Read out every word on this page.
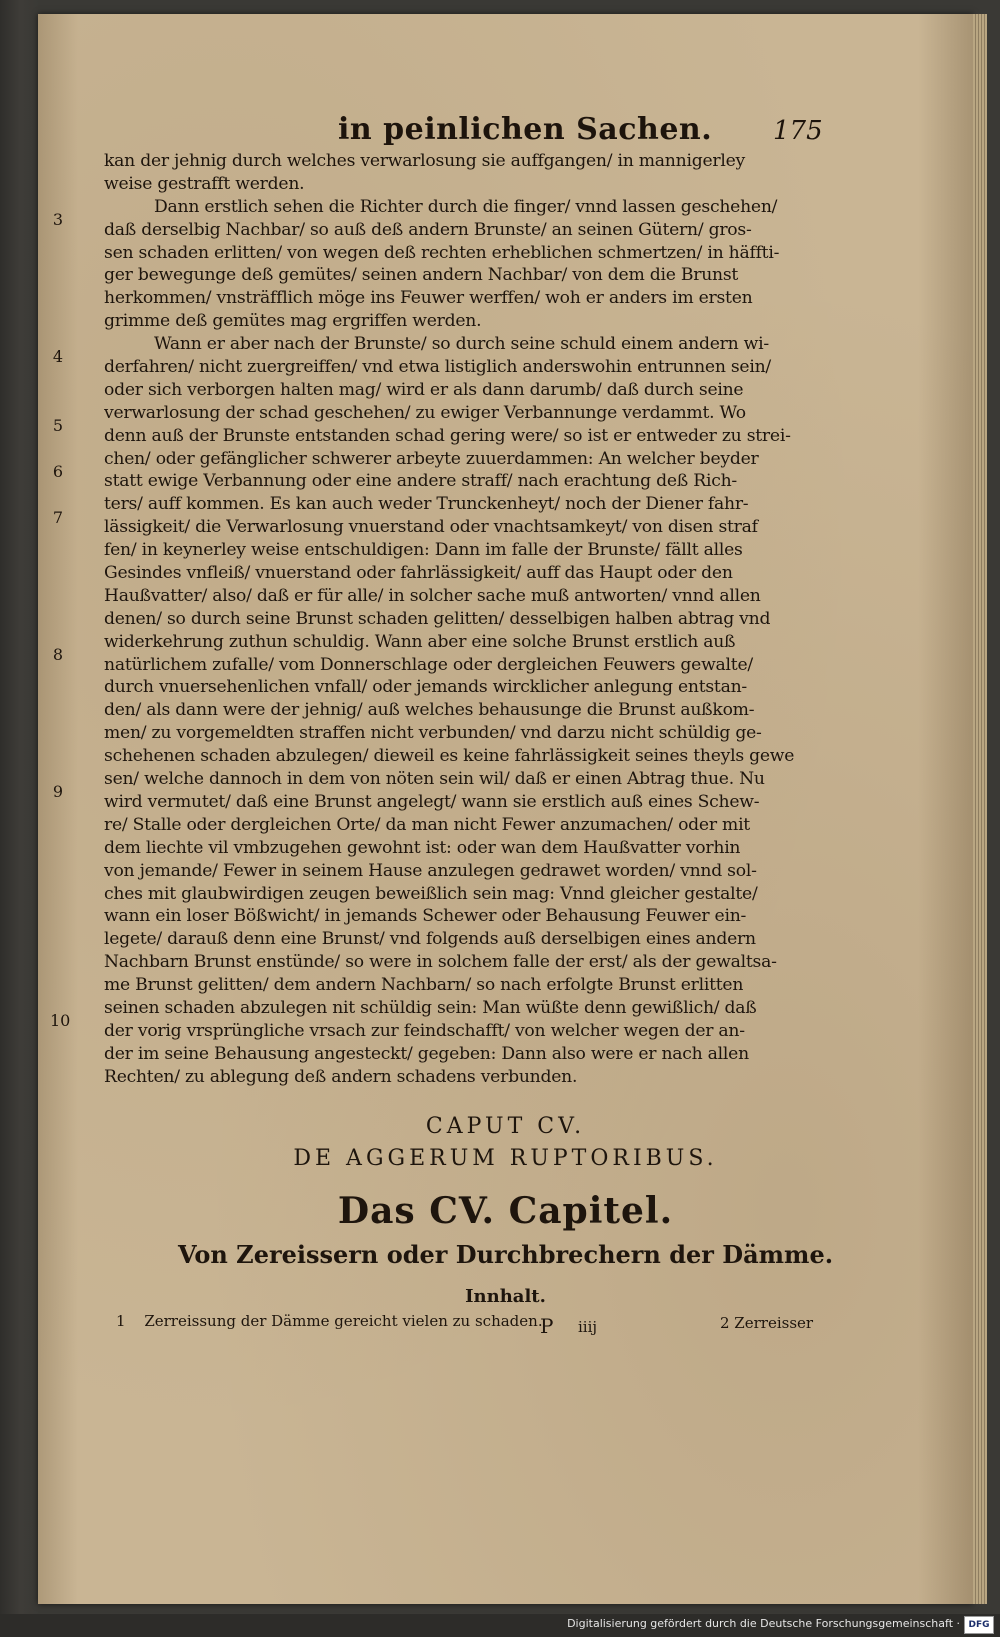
in peinlichen Sachen. 175
kan der jehnig durch welches verwarlosung sie auffgangen/ in mannigerley
weise gestrafft werden.
Dann erstlich sehen die Richter durch die finger/ vnnd lassen geschehen/
daß derselbig Nachbar/ so auß deß andern Brunste/ an seinen Gütern/ gros-
sen schaden erlitten/ von wegen deß rechten erheblichen schmertzen/ in häffti-
ger bewegunge deß gemütes/ seinen andern Nachbar/ von dem die Brunst
herkommen/ vnsträfflich möge ins Feuwer werffen/ woh er anders im ersten
grimme deß gemütes mag ergriffen werden.
Wann er aber nach der Brunste/ so durch seine schuld einem andern wi-
derfahren/ nicht zuergreiffen/ vnd etwa listiglich anderswohin entrunnen sein/
oder sich verborgen halten mag/ wird er als dann darumb/ daß durch seine
verwarlosung der schad geschehen/ zu ewiger Verbannunge verdammt. Wo
denn auß der Brunste entstanden schad gering were/ so ist er entweder zu strei-
chen/ oder gefänglicher schwerer arbeyte zuuerdammen: An welcher beyder
statt ewige Verbannung oder eine andere straff/ nach erachtung deß Rich-
ters/ auff kommen. Es kan auch weder Trunckenheyt/ noch der Diener fahr-
lässigkeit/ die Verwarlosung vnuerstand oder vnachtsamkeyt/ von disen straf
fen/ in keynerley weise entschuldigen: Dann im falle der Brunste/ fällt alles
Gesindes vnfleiß/ vnuerstand oder fahrlässigkeit/ auff das Haupt oder den
Haußvatter/ also/ daß er für alle/ in solcher sache muß antworten/ vnnd allen
denen/ so durch seine Brunst schaden gelitten/ desselbigen halben abtrag vnd
widerkehrung zuthun schuldig. Wann aber eine solche Brunst erstlich auß
natürlichem zufalle/ vom Donnerschlage oder dergleichen Feuwers gewalte/
durch vnuersehenlichen vnfall/ oder jemands wircklicher anlegung entstan-
den/ als dann were der jehnig/ auß welches behausunge die Brunst außkom-
men/ zu vorgemeldten straffen nicht verbunden/ vnd darzu nicht schüldig ge-
schehenen schaden abzulegen/ dieweil es keine fahrlässigkeit seines theyls gewe
sen/ welche dannoch in dem von nöten sein wil/ daß er einen Abtrag thue. Nu
wird vermutet/ daß eine Brunst angelegt/ wann sie erstlich auß eines Schew-
re/ Stalle oder dergleichen Orte/ da man nicht Fewer anzumachen/ oder mit
dem liechte vil vmbzugehen gewohnt ist: oder wan dem Haußvatter vorhin
von jemande/ Fewer in seinem Hause anzulegen gedrawet worden/ vnnd sol-
ches mit glaubwirdigen zeugen beweißlich sein mag: Vnnd gleicher gestalte/
wann ein loser Bößwicht/ in jemands Schewer oder Behausung Feuwer ein-
legete/ darauß denn eine Brunst/ vnd folgends auß derselbigen eines andern
Nachbarn Brunst enstünde/ so were in solchem falle der erst/ als der gewaltsa-
me Brunst gelitten/ dem andern Nachbarn/ so nach erfolgte Brunst erlitten
seinen schaden abzulegen nit schüldig sein: Man wüßte denn gewißlich/ daß
der vorig vrsprüngliche vrsach zur feindschafft/ von welcher wegen der an-
der im seine Behausung angesteckt/ gegeben: Dann also were er nach allen
Rechten/ zu ablegung deß andern schadens verbunden.
CAPUT CV.
DE AGGERUM RUPTORIBUS.
Das CV. Capitel.
Von Zereissern oder Durchbrechern der Dämme.
Innhalt.
1 Zerreissung der Dämme gereicht vielen zu schaden.
P iiij	2 Zerreisser
3
4
5
6
7
8
9
10
Digitalisierung gefördert durch die Deutsche Forschungsgemeinschaft · DFG
